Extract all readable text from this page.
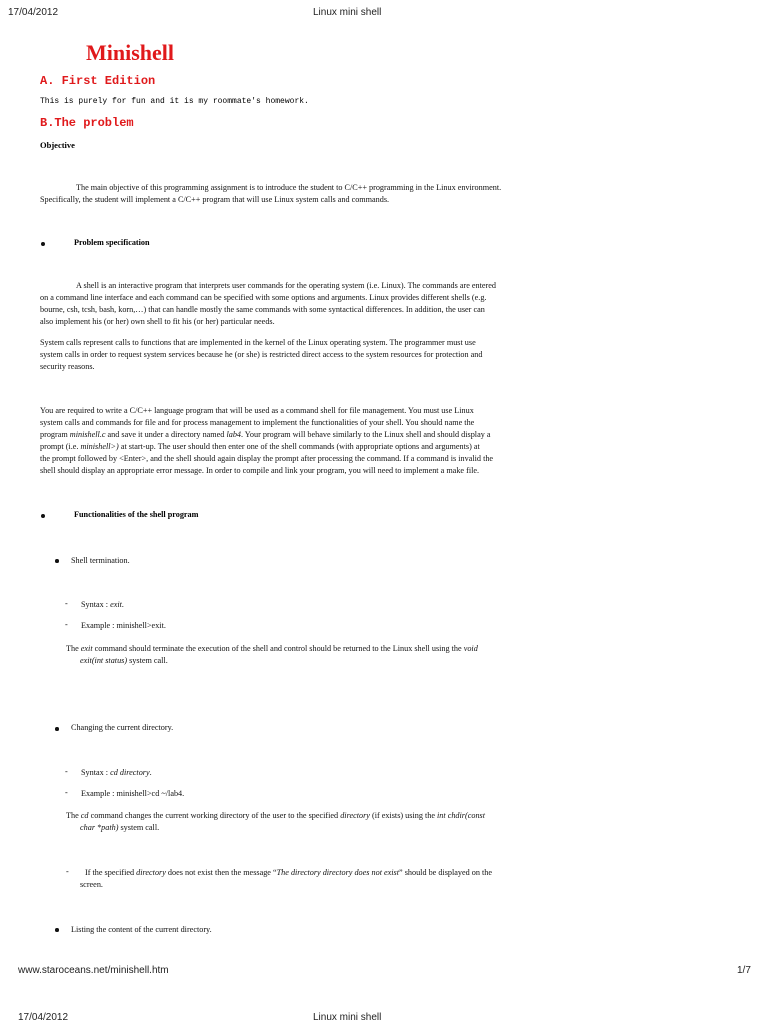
17/04/2012	Linux mini shell
Minishell
A. First Edition
This is purely for fun and it is my roommate's homework.
B.The problem
Objective
The main objective of this programming assignment is to introduce the student to C/C++ programming in the Linux environment.
Specifically, the student will implement a C/C++ program that will use Linux system calls and commands.
Problem specification
A shell is an interactive program that interprets user commands for the operating system (i.e. Linux). The commands are entered
on a command line interface and each command can be specified with some options and arguments. Linux provides different shells (e.g.
bourne, csh, tcsh, bash, korn,…) that can handle mostly the same commands with some syntactical differences. In addition, the user can
also implement his (or her) own shell to fit his (or her) particular needs.
System calls represent calls to functions that are implemented in the kernel of the Linux operating system. The programmer must use
system calls in order to request system services because he (or she) is restricted direct access to the system resources for protection and
security reasons.
You are required to write a C/C++ language program that will be used as a command shell for file management. You must use Linux
system calls and commands for file and for process management to implement the functionalities of your shell. You should name the
program minishell.c and save it under a directory named lab4. Your program will behave similarly to the Linux shell and should display a
prompt (i.e. minishell>) at start-up. The user should then enter one of the shell commands (with appropriate options and arguments) at
the prompt followed by <Enter>, and the shell should again display the prompt after processing the command. If a command is invalid the
shell should display an appropriate error message. In order to compile and link your program, you will need to implement a make file.
Functionalities of the shell program
Shell termination.
- Syntax : exit.
- Example : minishell>exit.
The exit command should terminate the execution of the shell and control should be returned to the Linux shell using the void
exit(int status) system call.
Changing the current directory.
- Syntax : cd directory.
- Example : minishell>cd ~/lab4.
The cd command changes the current working directory of the user to the specified directory (if exists) using the int chdir(const
char *path) system call.
- If the specified directory does not exist then the message “The directory directory does not exist” should be displayed on the
screen.
Listing the content of the current directory.
www.staroceans.net/minishell.htm	1/7
17/04/2012	Linux mini shell
